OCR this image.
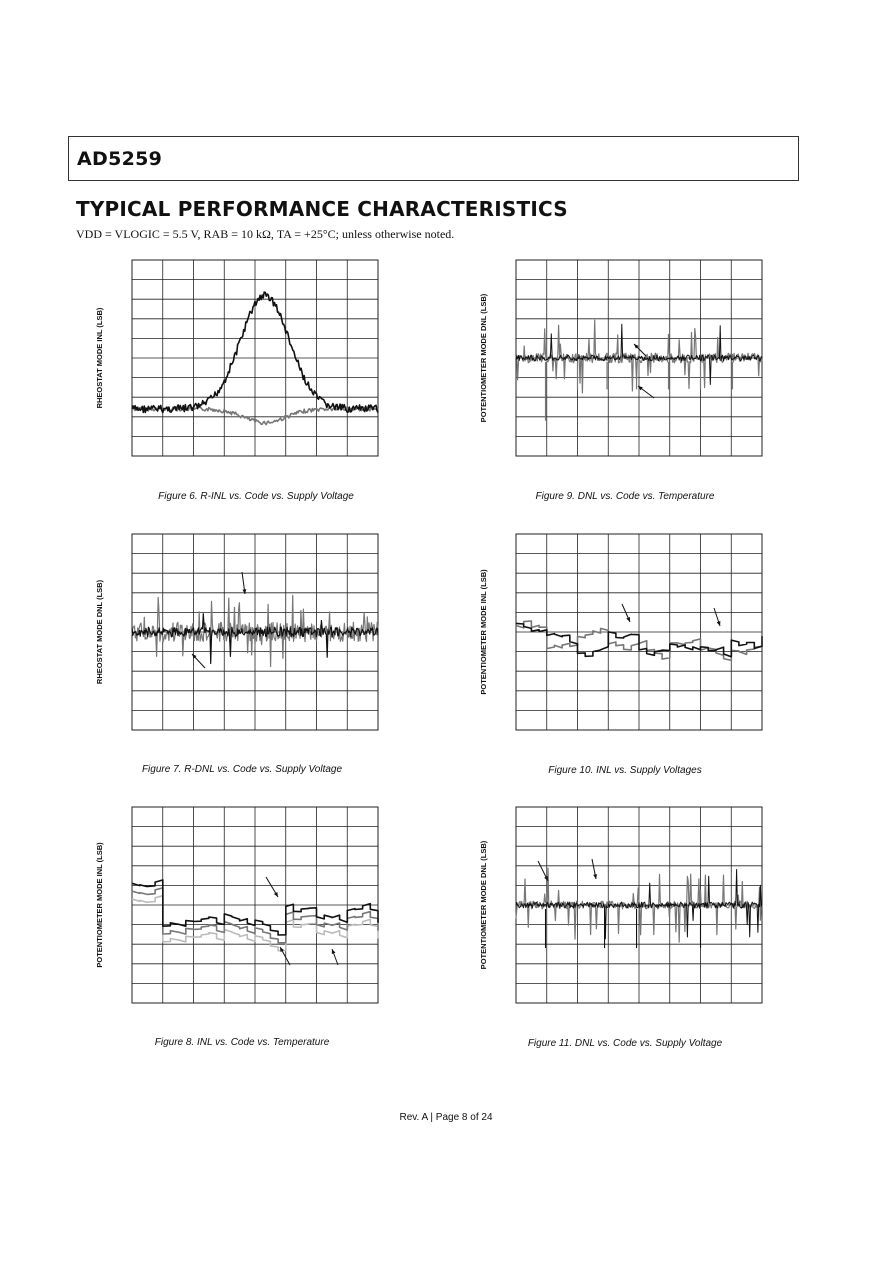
AD5259
TYPICAL PERFORMANCE CHARACTERISTICS
VDD = VLOGIC = 5.5 V, RAB = 10 kΩ, TA = +25°C; unless otherwise noted.
RHEOSTAT MODE INL (LSB)
Figure 6. R-INL vs. Code vs. Supply Voltage
RHEOSTAT MODE DNL (LSB)
Figure 7. R-DNL vs. Code vs. Supply Voltage
POTENTIOMETER MODE INL (LSB)
Figure 8. INL vs. Code vs. Temperature
POTENTIOMETER MODE DNL (LSB)
Figure 9. DNL vs. Code vs. Temperature
POTENTIOMETER MODE INL (LSB)
Figure 10. INL vs. Supply Voltages
POTENTIOMETER MODE DNL (LSB)
Figure 11. DNL vs. Code vs. Supply Voltage
Rev. A | Page 8 of 24
